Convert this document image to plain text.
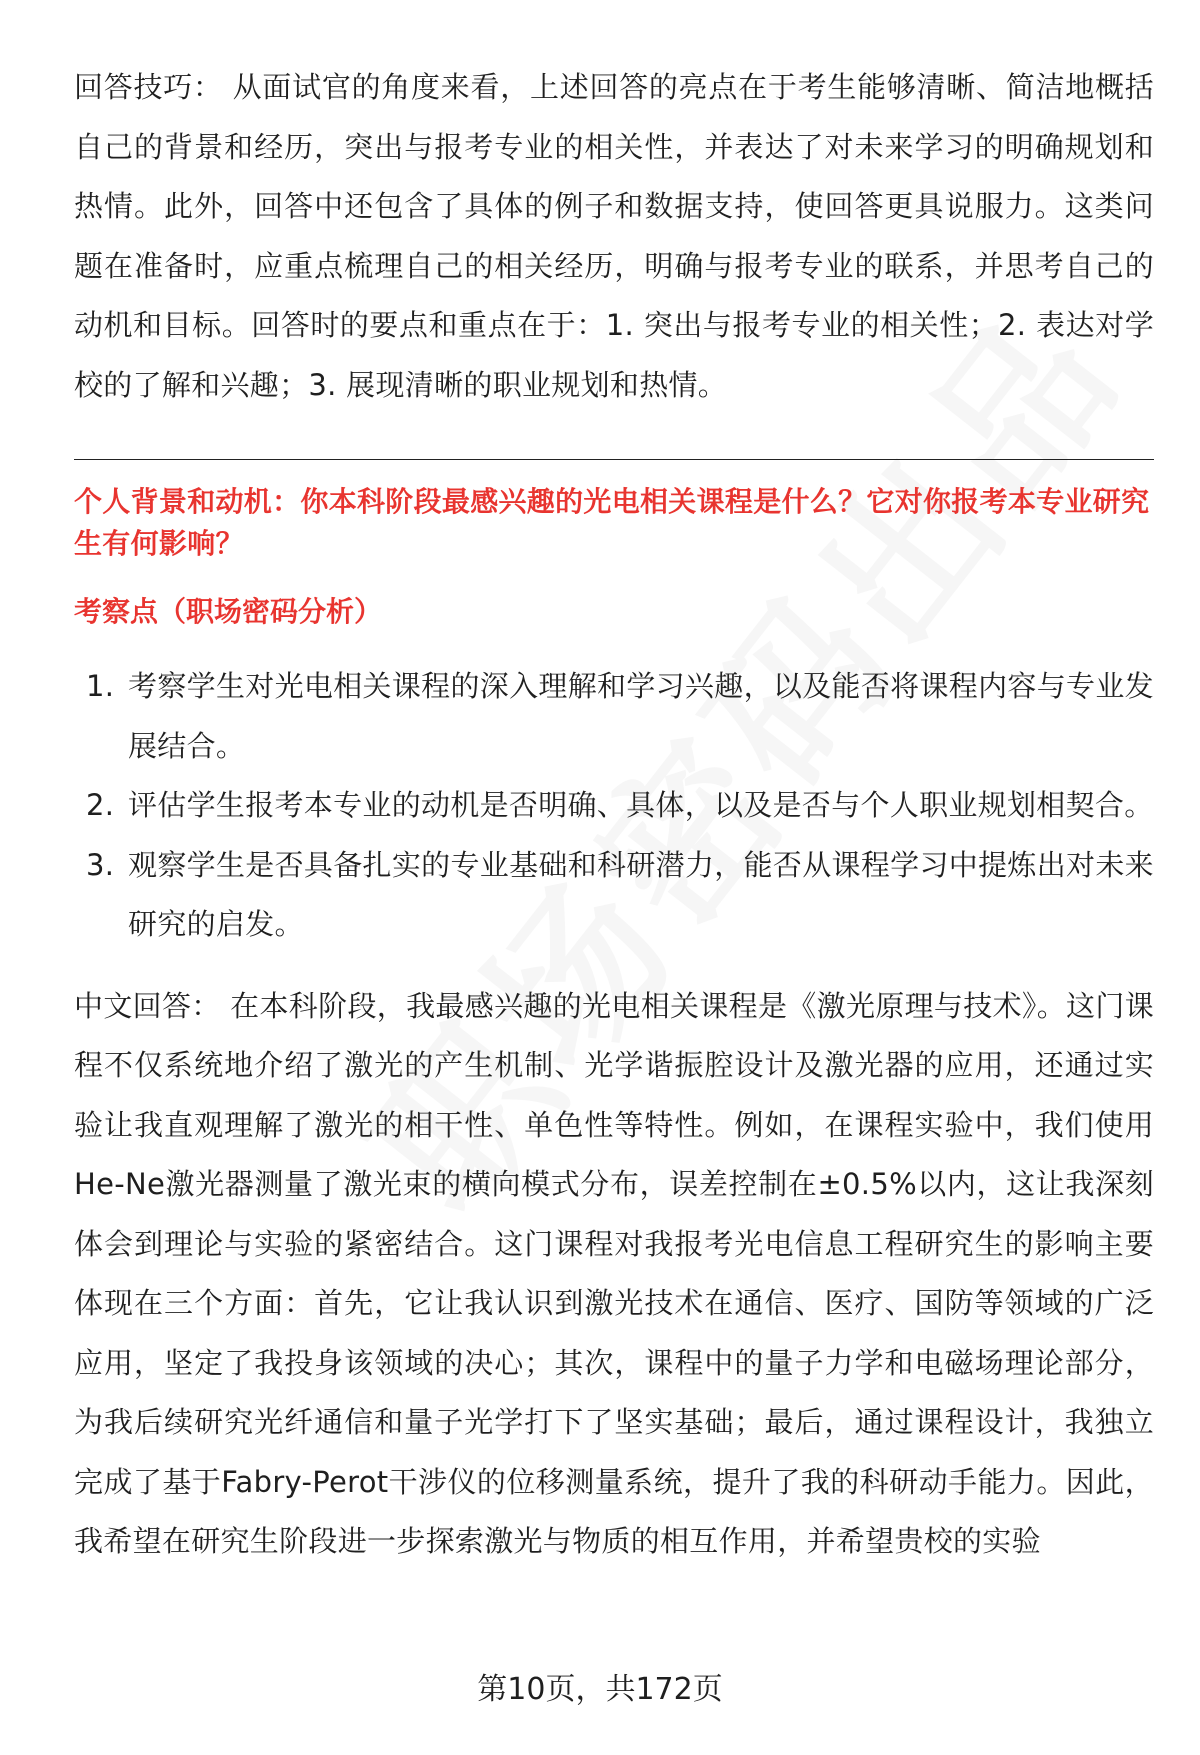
回答技巧： 从面试官的角度来看，上述回答的亮点在于考生能够清晰、简洁地概括自己的背景和经历，突出与报考专业的相关性，并表达了对未来学习的明确规划和热情。此外，回答中还包含了具体的例子和数据支持，使回答更具说服力。这类问题在准备时，应重点梳理自己的相关经历，明确与报考专业的联系，并思考自己的动机和目标。回答时的要点和重点在于：1. 突出与报考专业的相关性；2. 表达对学校的了解和兴趣；3. 展现清晰的职业规划和热情。

个人背景和动机：你本科阶段最感兴趣的光电相关课程是什么？它对你报考本专业研究生有何影响？
考察点（职场密码分析）
1. 考察学生对光电相关课程的深入理解和学习兴趣，以及能否将课程内容与专业发展结合。
2. 评估学生报考本专业的动机是否明确、具体，以及是否与个人职业规划相契合。
3. 观察学生是否具备扎实的专业基础和科研潜力，能否从课程学习中提炼出对未来研究的启发。

中文回答： 在本科阶段，我最感兴趣的光电相关课程是《激光原理与技术》。这门课程不仅系统地介绍了激光的产生机制、光学谐振腔设计及激光器的应用，还通过实验让我直观理解了激光的相干性、单色性等特性。例如，在课程实验中，我们使用He-Ne激光器测量了激光束的横向模式分布，误差控制在±0.5%以内，这让我深刻体会到理论与实验的紧密结合。这门课程对我报考光电信息工程研究生的影响主要体现在三个方面：首先，它让我认识到激光技术在通信、医疗、国防等领域的广泛应用，坚定了我投身该领域的决心；其次，课程中的量子力学和电磁场理论部分，为我后续研究光纤通信和量子光学打下了坚实基础；最后，通过课程设计，我独立完成了基于Fabry-Perot干涉仪的位移测量系统，提升了我的科研动手能力。因此，我希望在研究生阶段进一步探索激光与物质的相互作用，并希望贵校的实验

第10页，共172页
